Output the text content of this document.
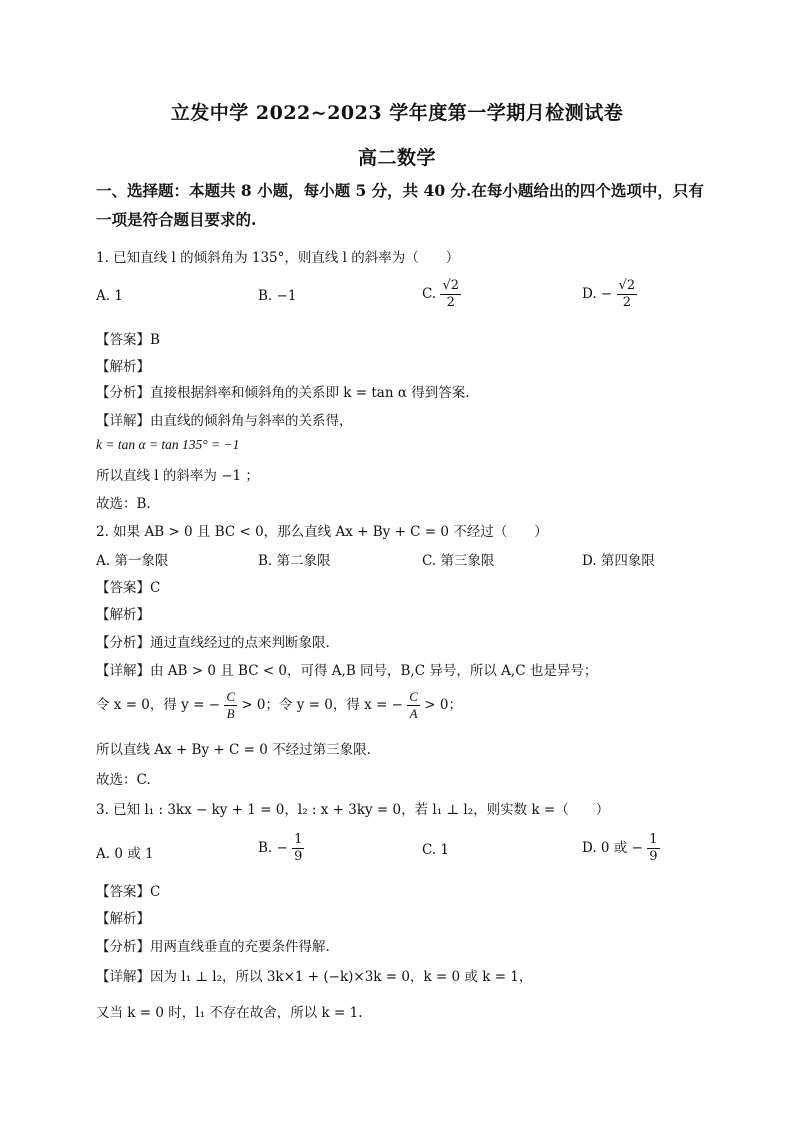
立发中学 2022~2023 学年度第一学期月检测试卷
高二数学
一、选择题：本题共 8 小题，每小题 5 分，共 40 分.在每小题给出的四个选项中，只有
一项是符合题目要求的.
1. 已知直线 l 的倾斜角为 135°，则直线 l 的斜率为（　　）
A. 1	B. −1	C. $\frac{√2}{2}$	D. − $\frac{√2}{2}$
【答案】B
【解析】
【分析】直接根据斜率和倾斜角的关系即 k = tan α 得到答案.
【详解】由直线的倾斜角与斜率的关系得，
k = tan α = tan 135° = −1
所以直线 l 的斜率为 −1 ；
故选：B.
2. 如果 AB > 0 且 BC < 0，那么直线 Ax + By + C = 0 不经过（　　）
A. 第一象限	B. 第二象限	C. 第三象限	D. 第四象限
【答案】C
【解析】
【分析】通过直线经过的点来判断象限.
【详解】由 AB > 0 且 BC < 0，可得 A,B 同号，B,C 异号，所以 A,C 也是异号；
令 x = 0，得 y = − $\frac{C}{B} > 0$；令 y = 0，得 x = − $\frac{C}{A} > 0$；
所以直线 Ax + By + C = 0 不经过第三象限.
故选：C.
3. 已知 l₁ : 3kx − ky + 1 = 0，l₂ : x + 3ky = 0，若 l₁ ⊥ l₂，则实数 k =（　　）
A. 0 或 1	B. − $\frac{1}{9}$	C. 1	D. 0 或 − $\frac{1}{9}$
【答案】C
【解析】
【分析】用两直线垂直的充要条件得解.
【详解】因为 l₁ ⊥ l₂，所以 3k×1 + (−k)×3k = 0，k = 0 或 k = 1，
又当 k = 0 时，l₁ 不存在故舍，所以 k = 1.
